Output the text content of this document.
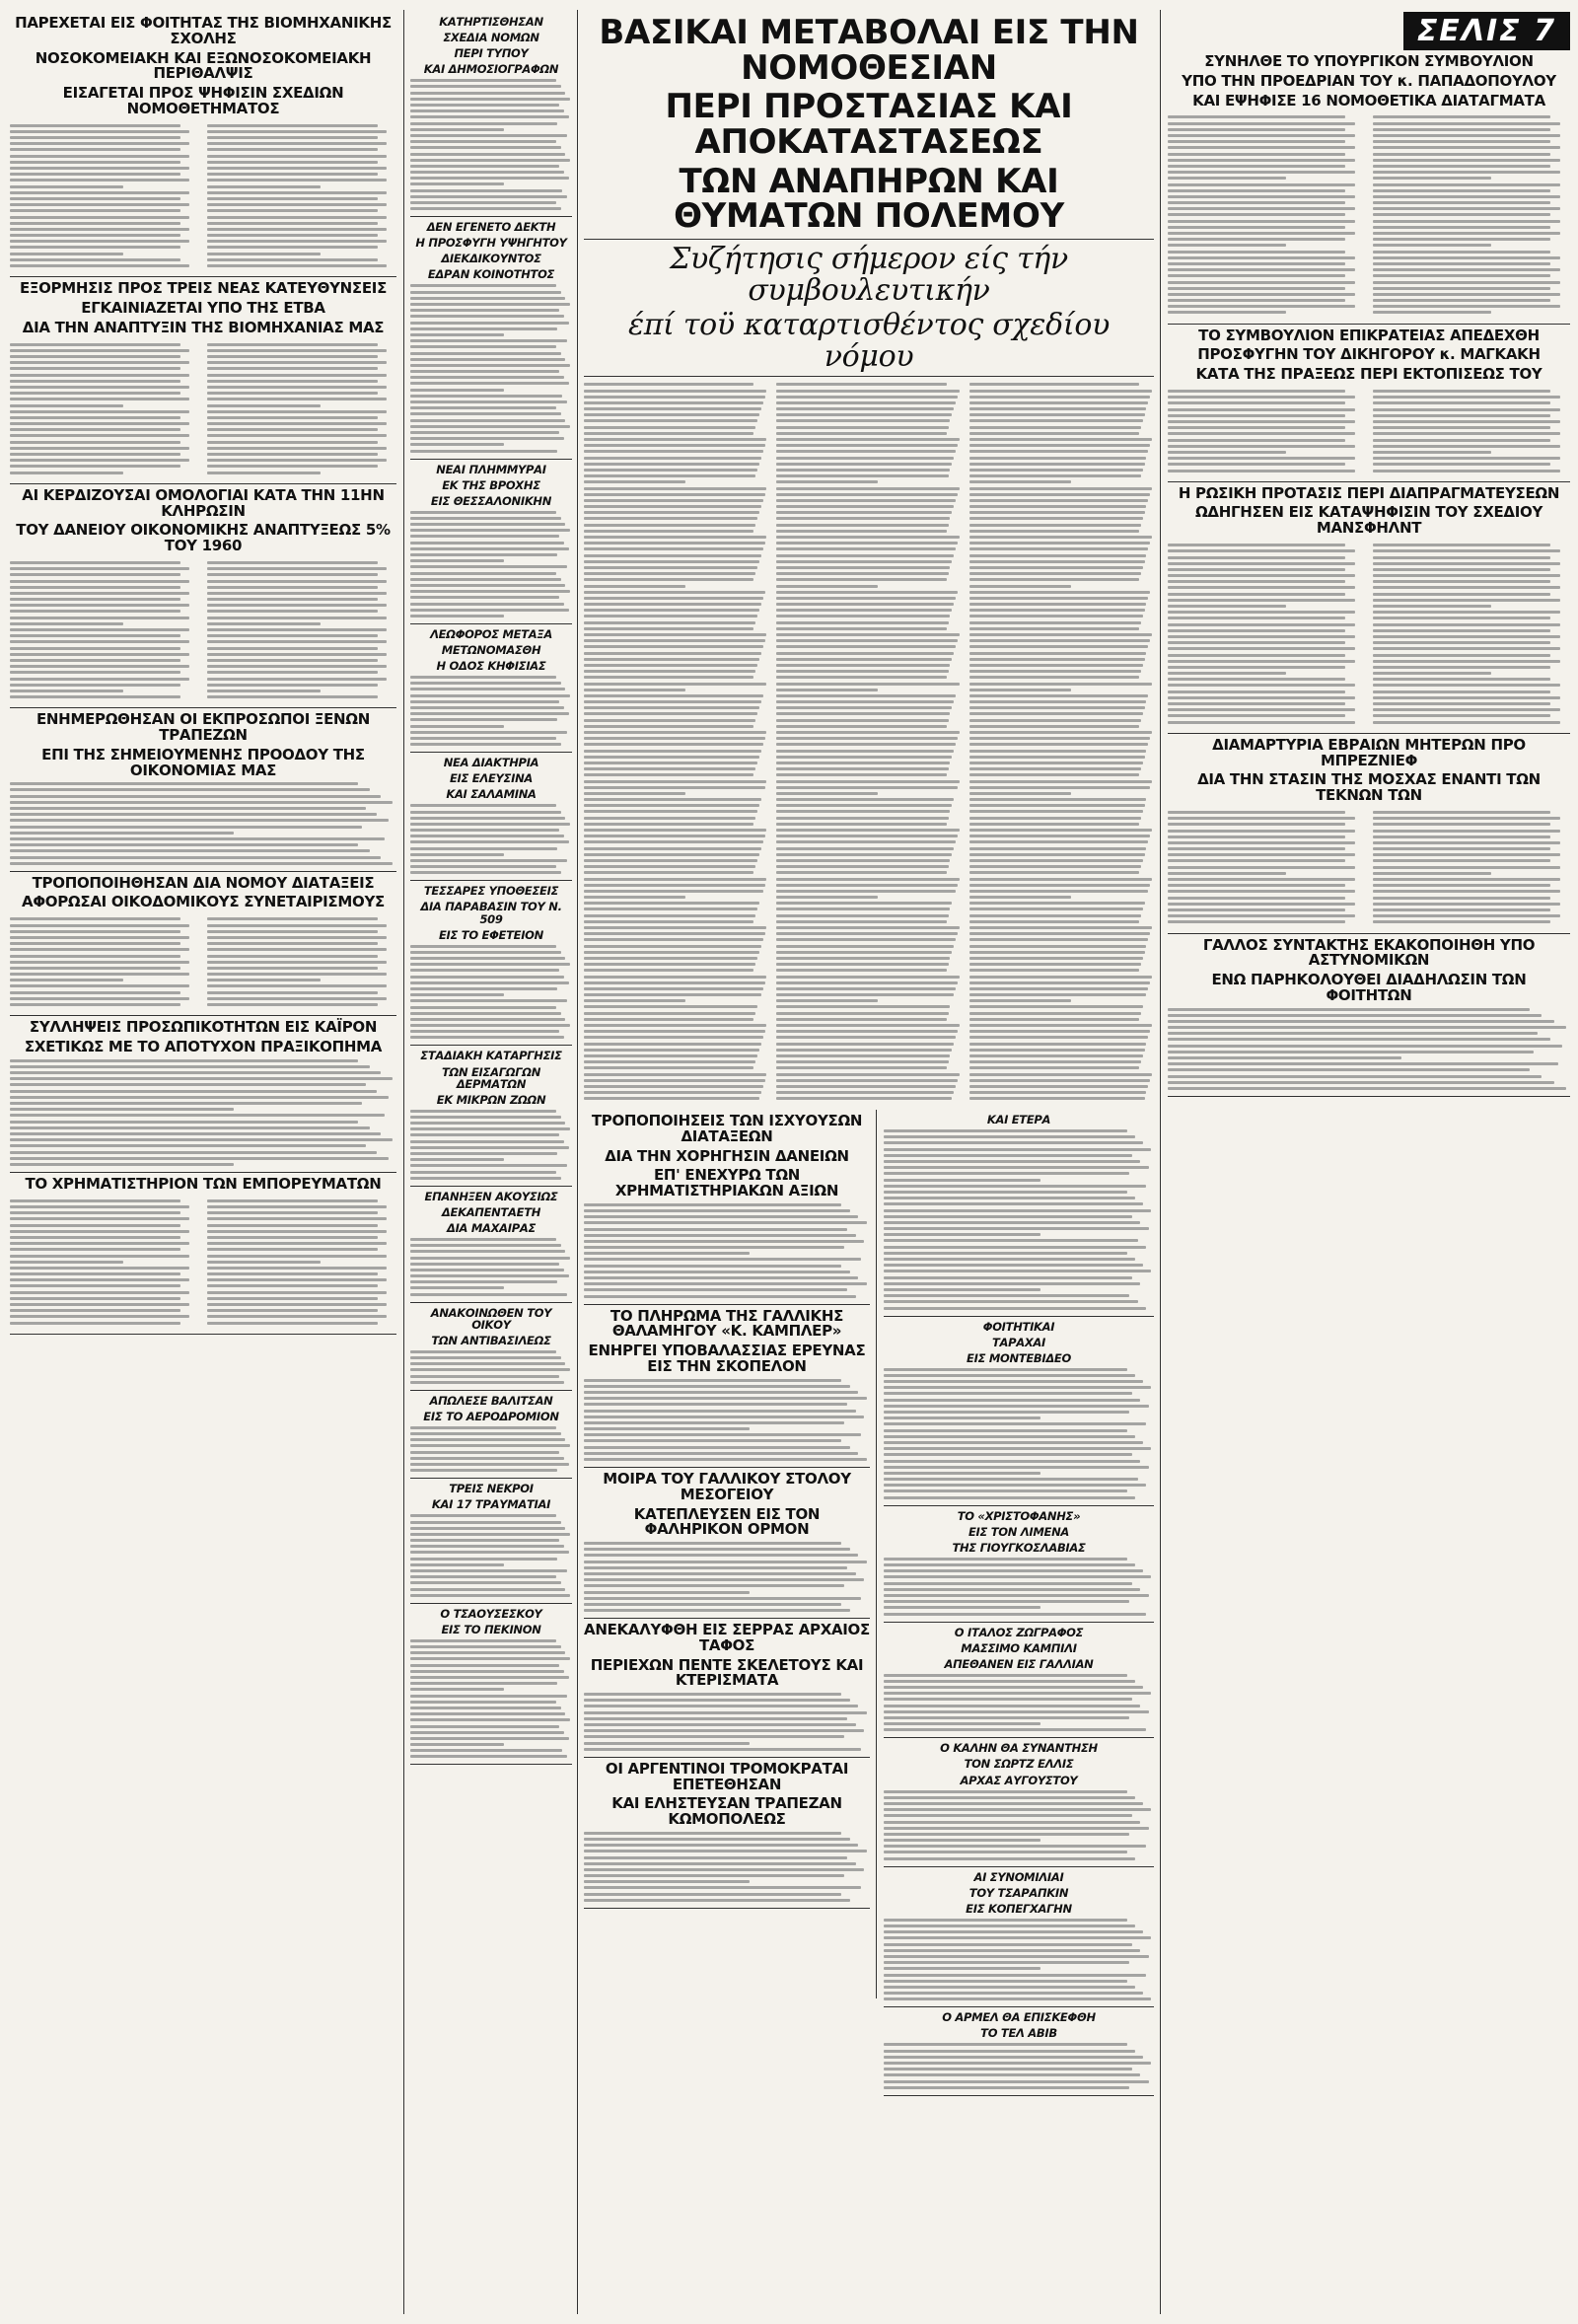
ΠΑΡΕΧΕΤΑΙ ΕΙΣ ΦΟΙΤΗΤΑΣ ΤΗΣ ΒΙΟΜΗΧΑΝΙΚΗΣ ΣΧΟΛΗΣ
ΝΟΣΟΚΟΜΕΙΑΚΗ ΚΑΙ ΕΞΩΝΟΣΟΚΟΜΕΙΑΚΗ ΠΕΡΙΘΑΛΨΙΣ
ΕΙΣΑΓΕΤΑΙ ΠΡΟΣ ΨΗΦΙΣΙΝ ΣΧΕΔΙΩΝ ΝΟΜΟΘΕΤΗΜΑΤΟΣ
ΕΞΟΡΜΗΣΙΣ ΠΡΟΣ ΤΡΕΙΣ ΝΕΑΣ ΚΑΤΕΥΘΥΝΣΕΙΣ
ΕΓΚΑΙΝΙΑΖΕΤΑΙ ΥΠΟ ΤΗΣ ΕΤΒΑ
ΔΙΑ ΤΗΝ ΑΝΑΠΤΥΞΙΝ ΤΗΣ ΒΙΟΜΗΧΑΝΙΑΣ ΜΑΣ
ΑΙ ΚΕΡΔΙΖΟΥΣΑΙ ΟΜΟΛΟΓΙΑΙ ΚΑΤΑ ΤΗΝ 11ΗΝ ΚΛΗΡΩΣΙΝ
ΤΟΥ ΔΑΝΕΙΟΥ ΟΙΚΟΝΟΜΙΚΗΣ ΑΝΑΠΤΥΞΕΩΣ 5% ΤΟΥ 1960
ΕΝΗΜΕΡΩΘΗΣΑΝ ΟΙ ΕΚΠΡΟΣΩΠΟΙ ΞΕΝΩΝ ΤΡΑΠΕΖΩΝ
ΕΠΙ ΤΗΣ ΣΗΜΕΙΟΥΜΕΝΗΣ ΠΡΟΟΔΟΥ ΤΗΣ ΟΙΚΟΝΟΜΙΑΣ ΜΑΣ
ΤΡΟΠΟΠΟΙΗΘΗΣΑΝ ΔΙΑ ΝΟΜΟΥ ΔΙΑΤΑΞΕΙΣ
ΑΦΟΡΩΣΑΙ ΟΙΚΟΔΟΜΙΚΟΥΣ ΣΥΝΕΤΑΙΡΙΣΜΟΥΣ
ΣΥΛΛΗΨΕΙΣ ΠΡΟΣΩΠΙΚΟΤΗΤΩΝ ΕΙΣ ΚΑΪΡΟΝ
ΣΧΕΤΙΚΩΣ ΜΕ ΤΟ ΑΠΟΤΥΧΟΝ ΠΡΑΞΙΚΟΠΗΜΑ
ΤΟ ΧΡΗΜΑΤΙΣΤΗΡΙΟΝ ΤΩΝ ΕΜΠΟΡΕΥΜΑΤΩΝ
ΚΑΤΗΡΤΙΣΘΗΣΑΝ
ΣΧΕΔΙΑ ΝΟΜΩΝ
ΠΕΡΙ ΤΥΠΟΥ
ΚΑΙ ΔΗΜΟΣΙΟΓΡΑΦΩΝ
ΔΕΝ ΕΓΕΝΕΤΟ ΔΕΚΤΗ
Η ΠΡΟΣΦΥΓΗ ΥΨΗΓΗΤΟΥ
ΔΙΕΚΔΙΚΟΥΝΤΟΣ
ΕΔΡΑΝ ΚΟΙΝΟΤΗΤΟΣ
ΝΕΑΙ ΠΛΗΜΜΥΡΑΙ
ΕΚ ΤΗΣ ΒΡΟΧΗΣ
ΕΙΣ ΘΕΣΣΑΛΟΝΙΚΗΝ
ΛΕΩΦΟΡΟΣ ΜΕΤΑΞΑ
ΜΕΤΩΝΟΜΑΣΘΗ
Η ΟΔΟΣ ΚΗΦΙΣΙΑΣ
ΝΕΑ ΔΙΑΚΤΗΡΙΑ
ΕΙΣ ΕΛΕΥΣΙΝΑ
ΚΑΙ ΣΑΛΑΜΙΝΑ
ΤΕΣΣΑΡΕΣ ΥΠΟΘΕΣΕΙΣ
ΔΙΑ ΠΑΡΑΒΑΣΙΝ ΤΟΥ Ν. 509
ΕΙΣ ΤΟ ΕΦΕΤΕΙΟΝ
ΣΤΑΔΙΑΚΗ ΚΑΤΑΡΓΗΣΙΣ
ΤΩΝ ΕΙΣΑΓΩΓΩΝ ΔΕΡΜΑΤΩΝ
ΕΚ ΜΙΚΡΩΝ ΖΩΩΝ
ΕΠΑΝΗΞΕΝ ΑΚΟΥΣΙΩΣ
ΔΕΚΑΠΕΝΤΑΕΤΗ
ΔΙΑ ΜΑΧΑΙΡΑΣ
ΑΝΑΚΟΙΝΩΘΕΝ ΤΟΥ ΟΙΚΟΥ
ΤΩΝ ΑΝΤΙΒΑΣΙΛΕΩΣ
ΑΠΩΛΕΣΕ ΒΑΛΙΤΣΑΝ
ΕΙΣ ΤΟ ΑΕΡΟΔΡΟΜΙΟΝ
ΤΡΕΙΣ ΝΕΚΡΟΙ
ΚΑΙ 17 ΤΡΑΥΜΑΤΙΑΙ
Ο ΤΣΑΟΥΣΕΣΚΟΥ
ΕΙΣ ΤΟ ΠΕΚΙΝΟΝ
ΒΑΣΙΚΑΙ ΜΕΤΑΒΟΛΑΙ ΕΙΣ ΤΗΝ ΝΟΜΟΘΕΣΙΑΝ
ΠΕΡΙ ΠΡΟΣΤΑΣΙΑΣ ΚΑΙ ΑΠΟΚΑΤΑΣΤΑΣΕΩΣ
ΤΩΝ ΑΝΑΠΗΡΩΝ ΚΑΙ ΘΥΜΑΤΩΝ ΠΟΛΕΜΟΥ
Συζήτησις σήμερον είς τήν συμβουλευτικήν
έπί τοϋ καταρτισθέντος σχεδίου νόμου
ΤΡΟΠΟΠΟΙΗΣΕΙΣ ΤΩΝ ΙΣΧΥΟΥΣΩΝ ΔΙΑΤΑΞΕΩΝ
ΔΙΑ ΤΗΝ ΧΟΡΗΓΗΣΙΝ ΔΑΝΕΙΩΝ
ΕΠ' ΕΝΕΧΥΡΩ ΤΩΝ ΧΡΗΜΑΤΙΣΤΗΡΙΑΚΩΝ ΑΞΙΩΝ
ΤΟ ΠΛΗΡΩΜΑ ΤΗΣ ΓΑΛΛΙΚΗΣ ΘΑΛΑΜΗΓΟΥ «Κ. ΚΑΜΠΛΕΡ»
ΕΝΗΡΓΕΙ ΥΠΟΒΑΛΑΣΣΙΑΣ ΕΡΕΥΝΑΣ ΕΙΣ ΤΗΝ ΣΚΟΠΕΛΟΝ
ΜΟΙΡΑ ΤΟΥ ΓΑΛΛΙΚΟΥ ΣΤΟΛΟΥ ΜΕΣΟΓΕΙΟΥ
ΚΑΤΕΠΛΕΥΣΕΝ ΕΙΣ ΤΟΝ ΦΑΛΗΡΙΚΟΝ ΟΡΜΟΝ
ΑΝΕΚΑΛΥΦΘΗ ΕΙΣ ΣΕΡΡΑΣ ΑΡΧΑΙΟΣ ΤΑΦΟΣ
ΠΕΡΙΕΧΩΝ ΠΕΝΤΕ ΣΚΕΛΕΤΟΥΣ ΚΑΙ ΚΤΕΡΙΣΜΑΤΑ
ΟΙ ΑΡΓΕΝΤΙΝΟΙ ΤΡΟΜΟΚΡΑΤΑΙ ΕΠΕΤΕΘΗΣΑΝ
ΚΑΙ ΕΛΗΣΤΕΥΣΑΝ ΤΡΑΠΕΖΑΝ ΚΩΜΟΠΟΛΕΩΣ
ΚΑΙ ΕΤΕΡΑ
ΦΟΙΤΗΤΙΚΑΙ
ΤΑΡΑΧΑΙ
ΕΙΣ ΜΟΝΤΕΒΙΔΕΟ
ΤΟ «ΧΡΙΣΤΟΦΑΝΗΣ»
ΕΙΣ ΤΟΝ ΛΙΜΕΝΑ
ΤΗΣ ΓΙΟΥΓΚΟΣΛΑΒΙΑΣ
Ο ΙΤΑΛΟΣ ΖΩΓΡΑΦΟΣ
ΜΑΣΣΙΜΟ ΚΑΜΠΙΛΙ
ΑΠΕΘΑΝΕΝ ΕΙΣ ΓΑΛΛΙΑΝ
Ο ΚΑΛΗΝ ΘΑ ΣΥΝΑΝΤΗΣΗ
ΤΟΝ ΣΩΡΤΖ ΕΛΛΙΣ
ΑΡΧΑΣ ΑΥΓΟΥΣΤΟΥ
ΑΙ ΣΥΝΟΜΙΛΙΑΙ
ΤΟΥ ΤΣΑΡΑΠΚΙΝ
ΕΙΣ ΚΟΠΕΓΧΑΓΗΝ
Ο ΑΡΜΕΛ ΘΑ ΕΠΙΣΚΕΦΘΗ
ΤΟ ΤΕΛ ΑΒΙΒ
ΣΕΛΙΣ 7
ΣΥΝΗΛΘΕ ΤΟ ΥΠΟΥΡΓΙΚΟΝ ΣΥΜΒΟΥΛΙΟΝ
ΥΠΟ ΤΗΝ ΠΡΟΕΔΡΙΑΝ ΤΟΥ κ. ΠΑΠΑΔΟΠΟΥΛΟΥ
ΚΑΙ ΕΨΗΦΙΣΕ 16 ΝΟΜΟΘΕΤΙΚΑ ΔΙΑΤΑΓΜΑΤΑ
ΤΟ ΣΥΜΒΟΥΛΙΟΝ ΕΠΙΚΡΑΤΕΙΑΣ ΑΠΕΔΕΧΘΗ
ΠΡΟΣΦΥΓΗΝ ΤΟΥ ΔΙΚΗΓΟΡΟΥ κ. ΜΑΓΚΑΚΗ
ΚΑΤΑ ΤΗΣ ΠΡΑΞΕΩΣ ΠΕΡΙ ΕΚΤΟΠΙΣΕΩΣ ΤΟΥ
Η ΡΩΣΙΚΗ ΠΡΟΤΑΣΙΣ ΠΕΡΙ ΔΙΑΠΡΑΓΜΑΤΕΥΣΕΩΝ
ΩΔΗΓΗΣΕΝ ΕΙΣ ΚΑΤΑΨΗΦΙΣΙΝ ΤΟΥ ΣΧΕΔΙΟΥ ΜΑΝΣΦΗΛΝΤ
ΔΙΑΜΑΡΤΥΡΙΑ ΕΒΡΑΙΩΝ ΜΗΤΕΡΩΝ ΠΡΟ ΜΠΡΕΖΝΙΕΦ
ΔΙΑ ΤΗΝ ΣΤΑΣΙΝ ΤΗΣ ΜΟΣΧΑΣ ΕΝΑΝΤΙ ΤΩΝ ΤΕΚΝΩΝ ΤΩΝ
ΓΑΛΛΟΣ ΣΥΝΤΑΚΤΗΣ ΕΚΑΚΟΠΟΙΗΘΗ ΥΠΟ ΑΣΤΥΝΟΜΙΚΩΝ
ΕΝΩ ΠΑΡΗΚΟΛΟΥΘΕΙ ΔΙΑΔΗΛΩΣΙΝ ΤΩΝ ΦΟΙΤΗΤΩΝ
